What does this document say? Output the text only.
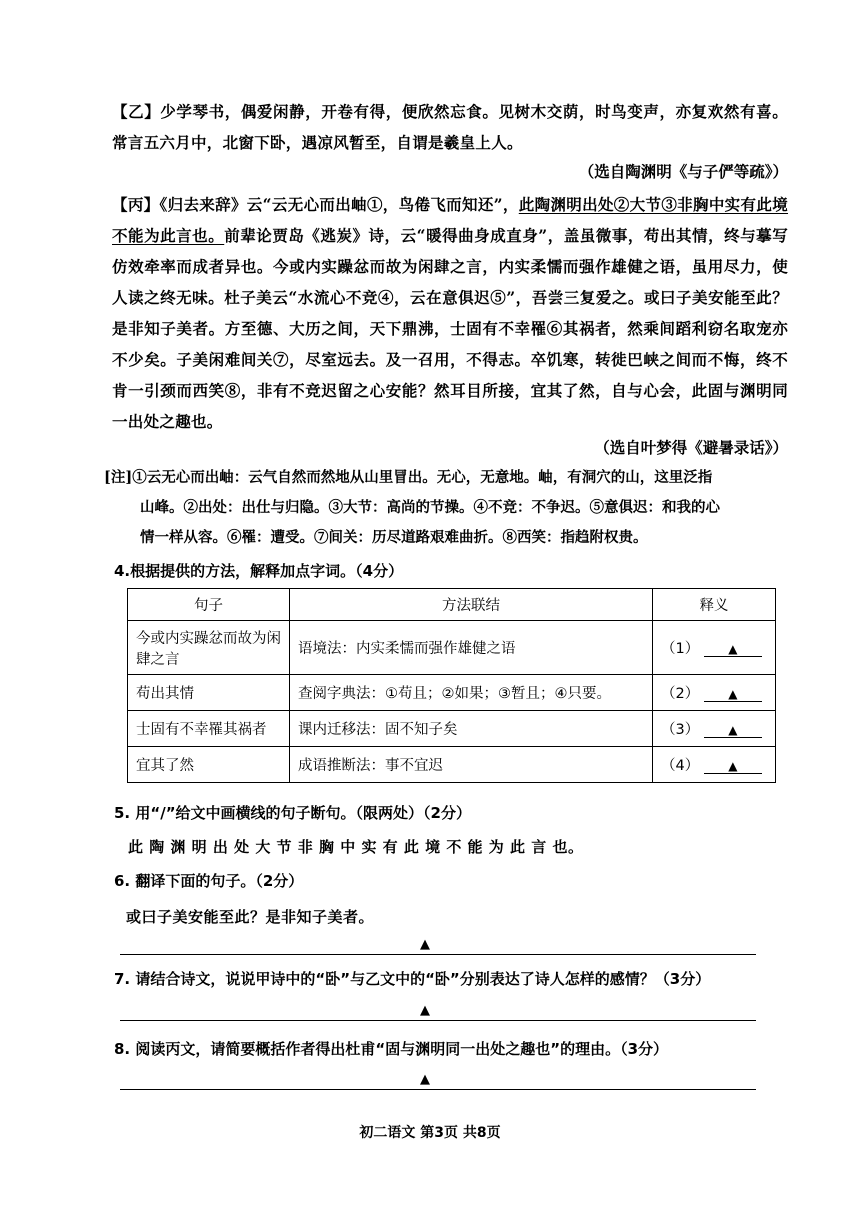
【乙】少学琴书，偶爱闲静，开卷有得，便欣然忘食。见树木交荫，时鸟变声，亦复欢然有喜。常言五六月中，北窗下卧，遇凉风暂至，自谓是羲皇上人。
（选自陶渊明《与子俨等疏》）
【丙】《归去来辞》云“云无心而出岫①，鸟倦飞而知还”，此陶渊明出处②大节③非胸中实有此境不能为此言也。前辈论贾岛《逃炭》诗，云“暖得曲身成直身”，盖虽微事，苟出其情，终与摹写仿效牵率而成者异也。今或内实躁忿而故为闲肆之言，内实柔懦而强作雄健之语，虽用尽力，使人读之终无味。杜子美云“水流心不竞④，云在意俱迟⑤”，吾尝三复爱之。或曰子美安能至此？是非知子美者。方至德、大历之间，天下鼎沸，士固有不幸罹⑥其祸者，然乘间蹈利窃名取宠亦不少矣。子美闲难间关⑦，尽室远去。及一召用，不得志。卒饥寒，转徙巴峡之间而不悔，终不肯一引颈而西笑⑧，非有不竞迟留之心安能？然耳目所接，宜其了然，自与心会，此固与渊明同一出处之趣也。
（选自叶梦得《避暑录话》）
[注]①云无心而出岫：云气自然而然地从山里冒出。无心，无意地。岫，有洞穴的山，这里泛指
山峰。②出处：出仕与归隐。③大节：高尚的节操。④不竞：不争迟。⑤意俱迟：和我的心
情一样从容。⑥罹：遭受。⑦间关：历尽道路艰难曲折。⑧西笑：指趋附权贵。
4.根据提供的方法，解释加点字词。（4分）
句子	方法联结	释义
今或内实躁忿而故为闲肆之言	语境法：内实柔懦而强作雄健之语	（1） ▲
苟出其情	查阅字典法：①苟且；②如果；③暂且；④只要。	（2） ▲
士固有不幸罹其祸者	课内迁移法：固不知子矣	（3） ▲
宜其了然	成语推断法：事不宜迟	（4） ▲
5. 用“/”给文中画横线的句子断句。（限两处）（2分）
此 陶 渊 明 出 处 大 节 非 胸 中 实 有 此 境 不 能 为 此 言 也。
6. 翻译下面的句子。（2分）
或曰子美安能至此？是非知子美者。
▲
7. 请结合诗文，说说甲诗中的“卧”与乙文中的“卧”分别表达了诗人怎样的感情？（3分）
▲
8. 阅读丙文，请简要概括作者得出杜甫“固与渊明同一出处之趣也”的理由。（3分）
▲
初二语文 第3页 共8页
